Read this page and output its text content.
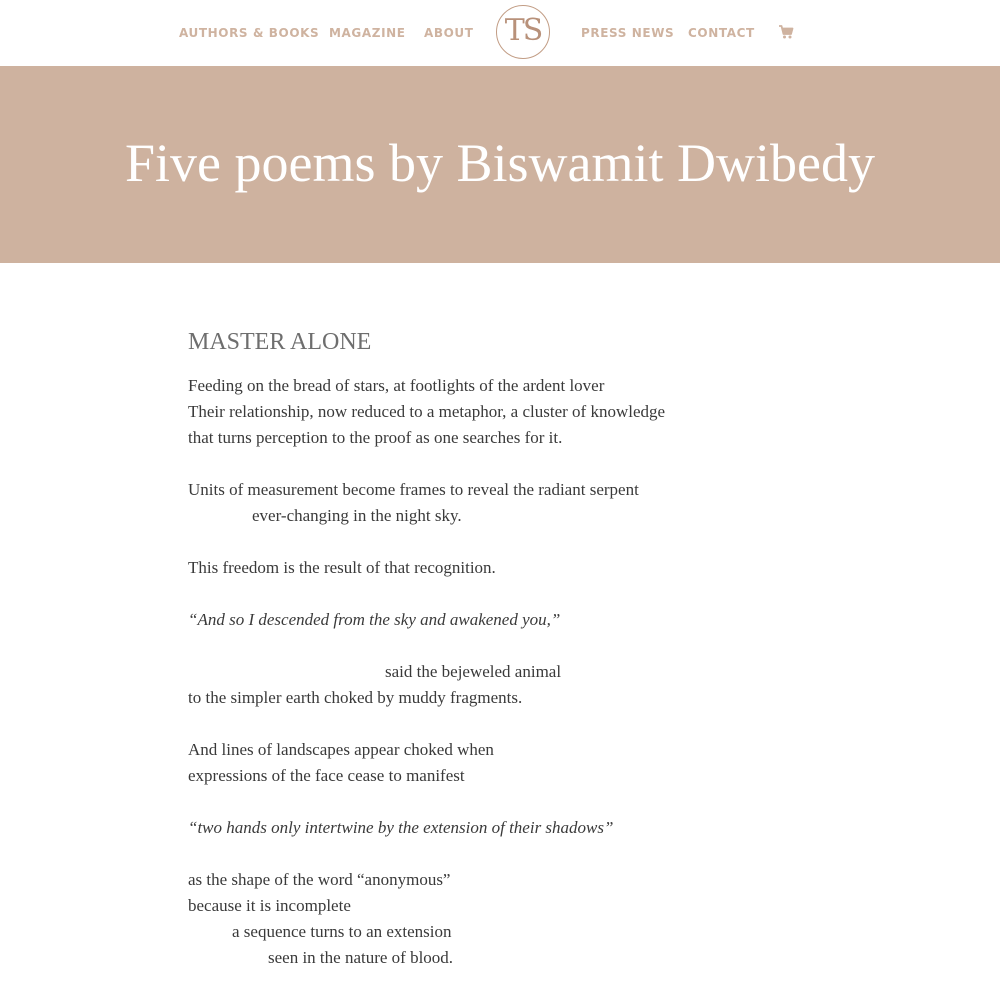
AUTHORS & BOOKS MAGAZINE ABOUT TS	PRESS NEWS CONTACT
Five poems by Biswamit Dwibedy
MASTER ALONE
Feeding on the bread of stars, at footlights of the ardent lover
Their relationship, now reduced to a metaphor, a cluster of knowledge
that turns perception to the proof as one searches for it.
Units of measurement become frames to reveal the radiant serpent
ever-changing in the night sky.
This freedom is the result of that recognition.
“And so I descended from the sky and awakened you,”
said the bejeweled animal
to the simpler earth choked by muddy fragments.
And lines of landscapes appear choked when
expressions of the face cease to manifest
“two hands only intertwine by the extension of their shadows”
as the shape of the word “anonymous”
because it is incomplete
a sequence turns to an extension
seen in the nature of blood.
